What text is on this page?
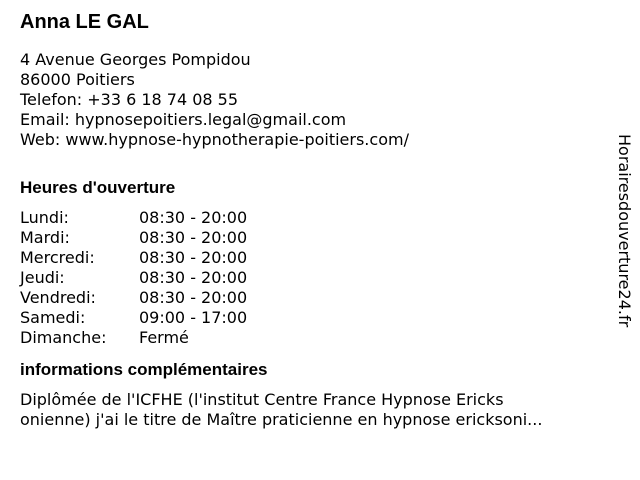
Anna LE GAL
4 Avenue Georges Pompidou
86000 Poitiers
Telefon: +33 6 18 74 08 55
Email: hypnosepoitiers.legal@gmail.com
Web: www.hypnose-hypnotherapie-poitiers.com/
Heures d'ouverture
Lundi:	08:30 - 20:00
Mardi:	08:30 - 20:00
Mercredi:	08:30 - 20:00
Jeudi:	08:30 - 20:00
Vendredi:	08:30 - 20:00
Samedi:	09:00 - 17:00
Dimanche:	Fermé
informations complémentaires
Diplômée de l'ICFHE (l'institut Centre France Hypnose Ericks
onienne) j'ai le titre de Maître praticienne en hypnose ericksoni...
Horairesdouverture24.fr
